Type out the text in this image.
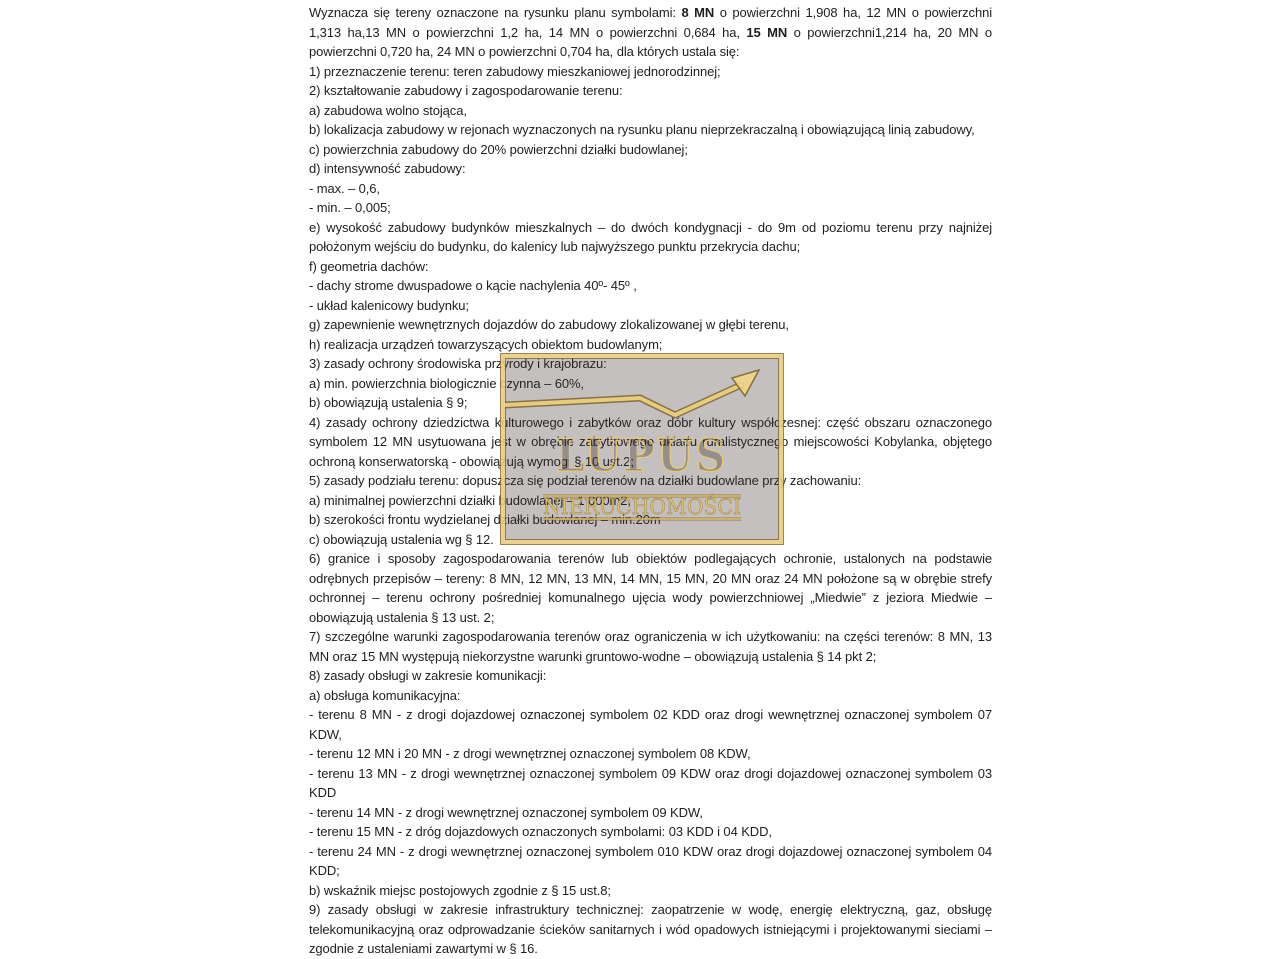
Wyznacza się tereny oznaczone na rysunku planu symbolami: 8 MN o powierzchni 1,908 ha, 12 MN o powierzchni 1,313 ha,13 MN o powierzchni 1,2 ha, 14 MN o powierzchni 0,684 ha, 15 MN o powierzchni1,214 ha, 20 MN o powierzchni 0,720 ha, 24 MN o powierzchni 0,704 ha, dla których ustala się:

1) przeznaczenie terenu: teren zabudowy mieszkaniowej jednorodzinnej;

2) kształtowanie zabudowy i zagospodarowanie terenu:

a) zabudowa wolno stojąca,

b) lokalizacja zabudowy w rejonach wyznaczonych na rysunku planu nieprzekraczalną i obowiązującą linią zabudowy,

c) powierzchnia zabudowy do 20% powierzchni działki budowlanej;

d) intensywność zabudowy:

- max. – 0,6,

- min. – 0,005;

e) wysokość zabudowy budynków mieszkalnych – do dwóch kondygnacji - do 9m od poziomu terenu przy najniżej położonym wejściu do budynku, do kalenicy lub najwyższego punktu przekrycia dachu;

f) geometria dachów:

- dachy strome dwuspadowe o kącie nachylenia 40º- 45º ,

- układ kalenicowy budynku;

g) zapewnienie wewnętrznych dojazdów do zabudowy zlokalizowanej w głębi terenu,

h) realizacja urządzeń towarzyszących obiektom budowlanym;

3) zasady ochrony środowiska przyrody i krajobrazu:

a) min. powierzchnia biologicznie czynna – 60%,

b) obowiązują ustalenia § 9;

4) zasady ochrony dziedzictwa kulturowego i zabytków oraz dóbr kultury współczesnej: część obszaru oznaczonego symbolem 12 MN usytuowana jest w obrębie zabytkowego układu ruralistycznego miejscowości Kobylanka, objętego ochroną konserwatorską - obowiązują wymogi § 10 ust.2;

5) zasady podziału terenu: dopuszcza się podział terenów na działki budowlane przy zachowaniu:

a) minimalnej powierzchni działki budowlanej – 1 000m2,

b) szerokości frontu wydzielanej działki budowlanej – min.20m

c) obowiązują ustalenia wg § 12.

6) granice i sposoby zagospodarowania terenów lub obiektów podlegających ochronie, ustalonych na podstawie odrębnych przepisów – tereny: 8 MN, 12 MN, 13 MN, 14 MN, 15 MN, 20 MN oraz 24 MN położone są w obrębie strefy ochronnej – terenu ochrony pośredniej komunalnego ujęcia wody powierzchniowej „Miedwie” z jeziora Miedwie – obowiązują ustalenia § 13 ust. 2;

7) szczególne warunki zagospodarowania terenów oraz ograniczenia w ich użytkowaniu: na części terenów: 8 MN, 13 MN oraz 15 MN występują niekorzystne warunki gruntowo-wodne – obowiązują ustalenia § 14 pkt 2;

8) zasady obsługi w zakresie komunikacji:

a) obsługa komunikacyjna:

- terenu 8 MN - z drogi dojazdowej oznaczonej symbolem 02 KDD oraz drogi wewnętrznej oznaczonej symbolem 07 KDW,

- terenu 12 MN i 20 MN - z drogi wewnętrznej oznaczonej symbolem 08 KDW,

- terenu 13 MN - z drogi wewnętrznej oznaczonej symbolem 09 KDW oraz drogi dojazdowej oznaczonej symbolem 03 KDD

- terenu 14 MN - z drogi wewnętrznej oznaczonej symbolem 09 KDW,

- terenu 15 MN - z dróg dojazdowych oznaczonych symbolami: 03 KDD i 04 KDD,

- terenu 24 MN - z drogi wewnętrznej oznaczonej symbolem 010 KDW oraz drogi dojazdowej oznaczonej symbolem 04 KDD;

b) wskaźnik miejsc postojowych zgodnie z § 15 ust.8;

9) zasady obsługi w zakresie infrastruktury technicznej: zaopatrzenie w wodę, energię elektryczną, gaz, obsługę telekomunikacyjną oraz odprowadzanie ścieków sanitarnych i wód opadowych istniejącymi i projektowanymi sieciami – zgodnie z ustaleniami zawartymi w § 16.

LUPUS
NIERUCHOMOŚCI
